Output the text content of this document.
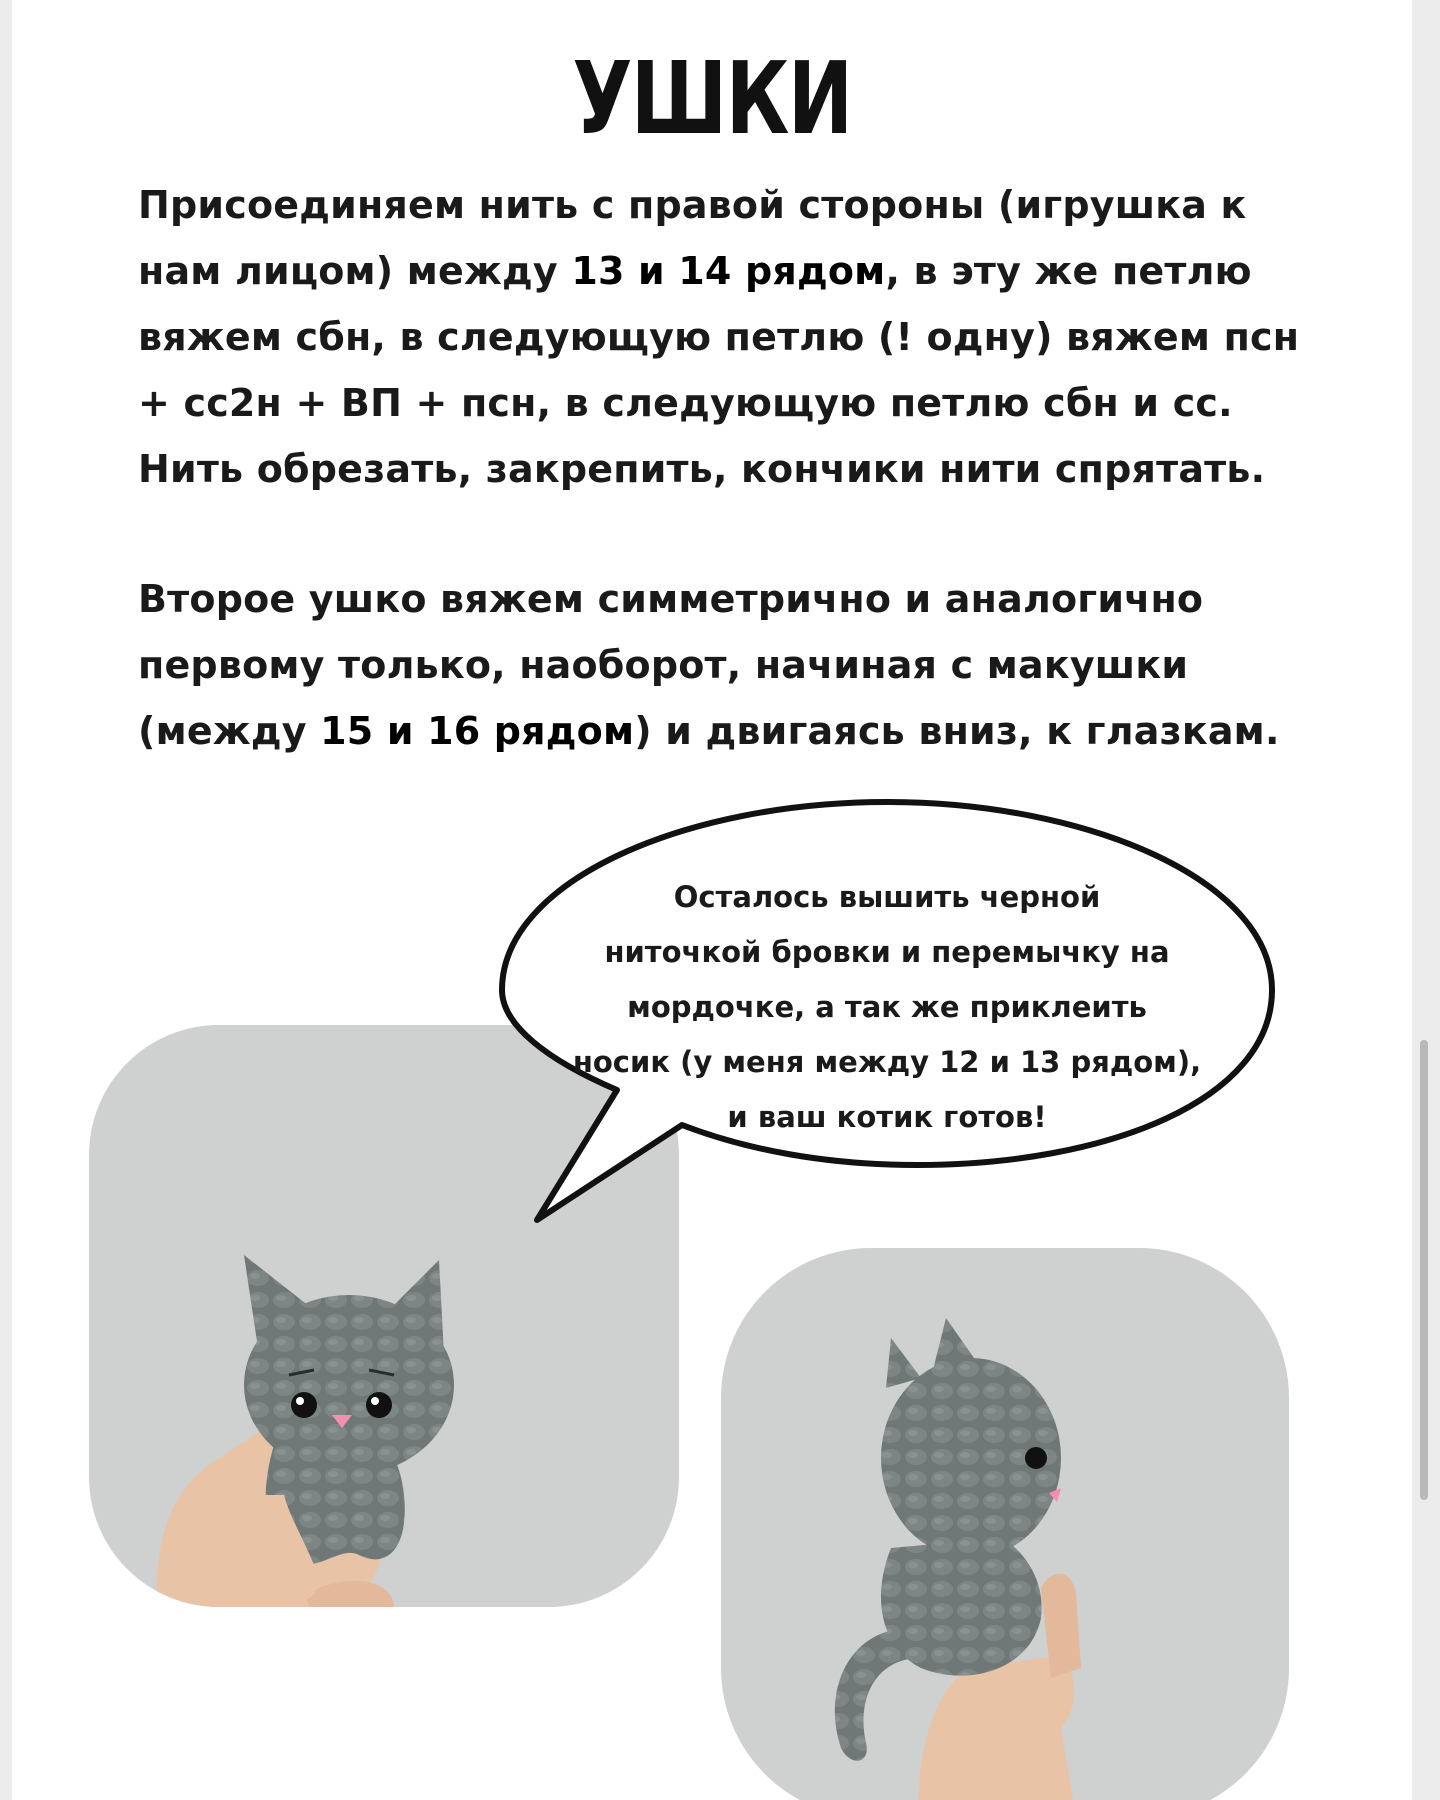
УШКИ
Присоединяем нить с правой стороны (игрушка к нам лицом) между 13 и 14 рядом, в эту же петлю вяжем сбн, в следующую петлю (! одну) вяжем псн + сс2н + ВП + псн, в следующую петлю сбн и сс.
Нить обрезать, закрепить, кончики нити спрятать.
Второе ушко вяжем симметрично и аналогично первому только, наоборот, начиная с макушки (между 15 и 16 рядом) и двигаясь вниз, к глазкам.
Осталось вышить черной
ниточкой бровки и перемычку на
мордочке, а так же приклеить
носик (у меня между 12 и 13 рядом),
и ваш котик готов!
